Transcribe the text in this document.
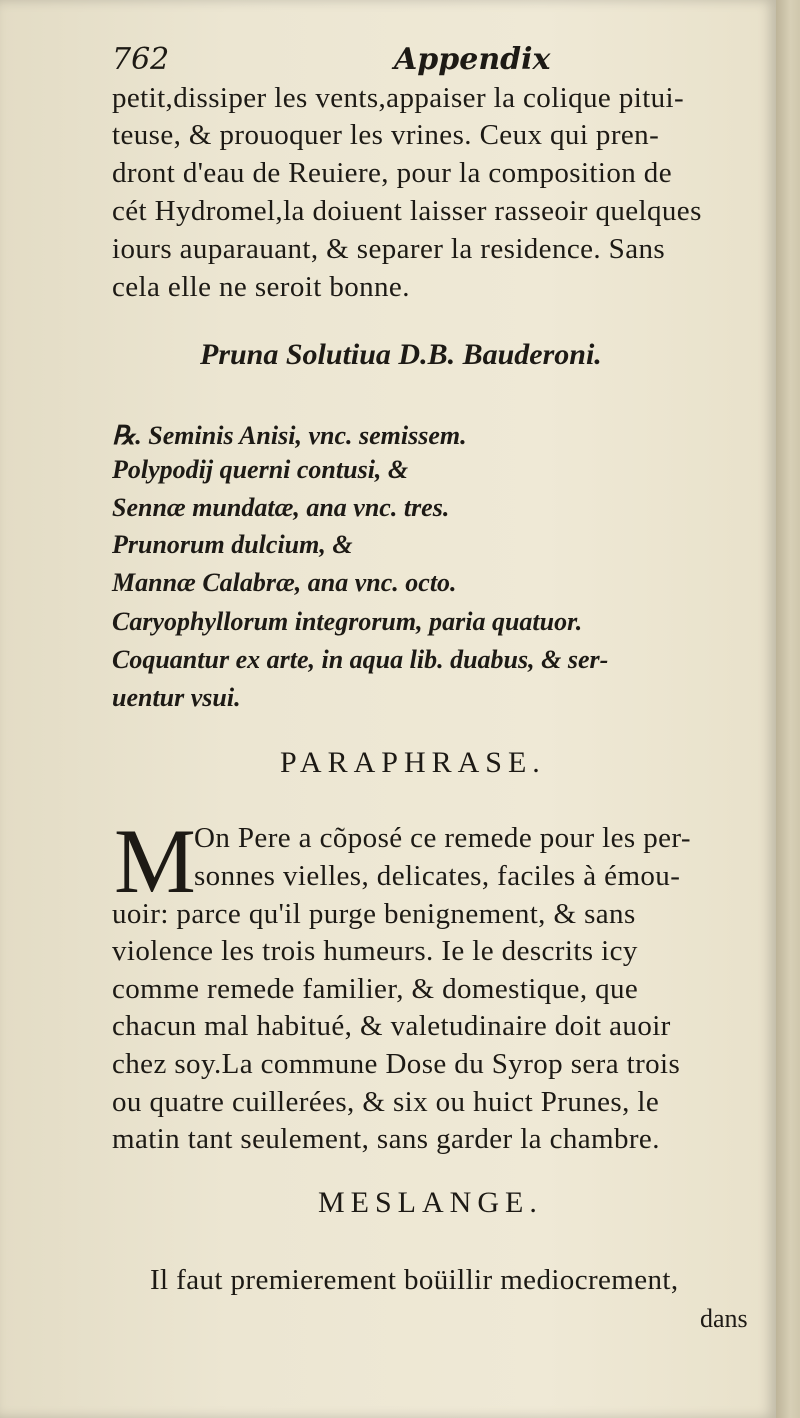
762	Appendix
petit,dissiper les vents,appaiser la colique pitui-
teuse, & prouoquer les vrines. Ceux qui pren-
dront d'eau de Reuiere, pour la composition de
cét Hydromel,la doiuent laisser rasseoir quelques
iours auparauant, & separer la residence. Sans
cela elle ne seroit bonne.
Pruna Solutiua D.B. Bauderoni.
℞. Seminis Anisi, vnc. semissem.
Polypodij querni contusi, &
Sennæ mundatæ, ana vnc. tres.
Prunorum dulcium, &
Mannæ Calabræ, ana vnc. octo.
Caryophyllorum integrorum, paria quatuor.
Coquantur ex arte, in aqua lib. duabus, & ser-
uentur vsui.
PARAPHRASE.
M
On Pere a cõposé ce remede pour les per-
sonnes vielles, delicates, faciles à émou-
uoir: parce qu'il purge benignement, & sans
violence les trois humeurs. Ie le descrits icy
comme remede familier, & domestique, que
chacun mal habitué, & valetudinaire doit auoir
chez soy.La commune Dose du Syrop sera trois
ou quatre cuillerées, & six ou huict Prunes, le
matin tant seulement, sans garder la chambre.
MESLANGE.
Il faut premierement boüillir mediocrement,
dans
